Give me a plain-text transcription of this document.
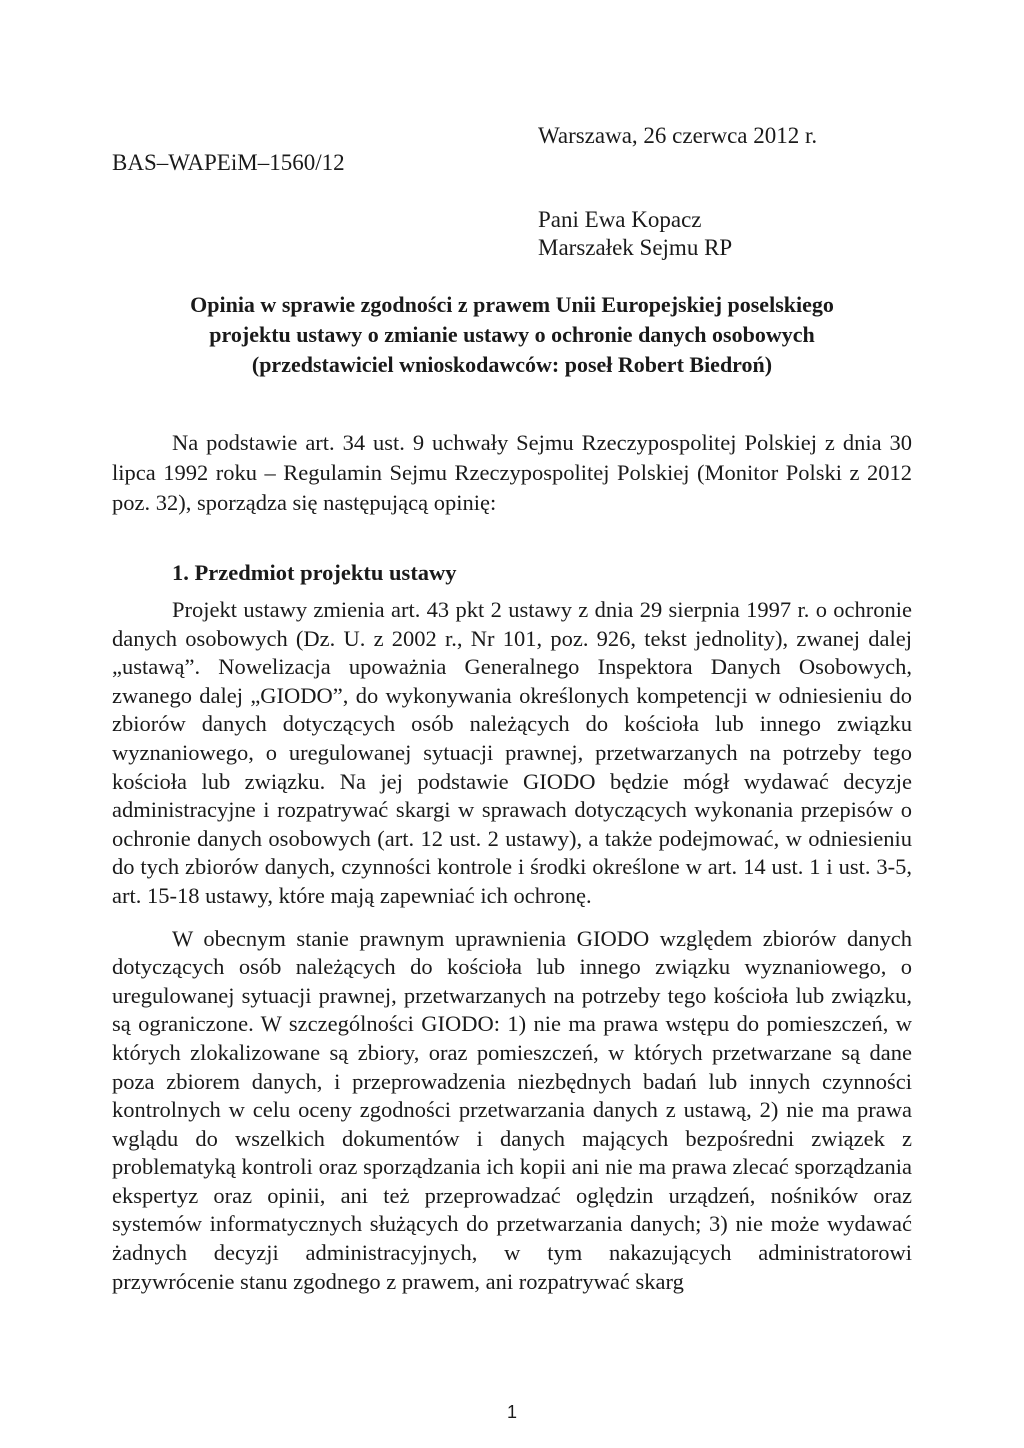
Warszawa, 26 czerwca 2012 r.
BAS–WAPEiM–1560/12
Pani Ewa Kopacz
Marszałek Sejmu RP
Opinia w sprawie zgodności z prawem Unii Europejskiej poselskiego
projektu ustawy o zmianie ustawy o ochronie danych osobowych
(przedstawiciel wnioskodawców: poseł Robert Biedroń)

Na podstawie art. 34 ust. 9 uchwały Sejmu Rzeczypospolitej Polskiej z dnia 30 lipca 1992 roku – Regulamin Sejmu Rzeczypospolitej Polskiej (Monitor Polski z 2012 poz. 32), sporządza się następującą opinię:

1. Przedmiot projektu ustawy

Projekt ustawy zmienia art. 43 pkt 2 ustawy z dnia 29 sierpnia 1997 r. o ochronie danych osobowych (Dz. U. z 2002 r., Nr 101, poz. 926, tekst jednolity), zwanej dalej „ustawą”. Nowelizacja upoważnia Generalnego Inspektora Danych Osobowych, zwanego dalej „GIODO”, do wykonywania określonych kompetencji w odniesieniu do zbiorów danych dotyczących osób należących do kościoła lub innego związku wyznaniowego, o uregulowanej sytuacji prawnej, przetwarzanych na potrzeby tego kościoła lub związku. Na jej podstawie GIODO będzie mógł wydawać decyzje administracyjne i rozpatrywać skargi w sprawach dotyczących wykonania przepisów o ochronie danych osobowych (art. 12 ust. 2 ustawy), a także podejmować, w odniesieniu do tych zbiorów danych, czynności kontrole i środki określone w art. 14 ust. 1 i ust. 3-5, art. 15-18 ustawy, które mają zapewniać ich ochronę.

W obecnym stanie prawnym uprawnienia GIODO względem zbiorów danych dotyczących osób należących do kościoła lub innego związku wyznaniowego, o uregulowanej sytuacji prawnej, przetwarzanych na potrzeby tego kościoła lub związku, są ograniczone. W szczególności GIODO: 1) nie ma prawa wstępu do pomieszczeń, w których zlokalizowane są zbiory, oraz pomieszczeń, w których przetwarzane są dane poza zbiorem danych, i przeprowadzenia niezbędnych badań lub innych czynności kontrolnych w celu oceny zgodności przetwarzania danych z ustawą, 2) nie ma prawa wglądu do wszelkich dokumentów i danych mających bezpośredni związek z problematyką kontroli oraz sporządzania ich kopii ani nie ma prawa zlecać sporządzania ekspertyz oraz opinii, ani też przeprowadzać oględzin urządzeń, nośników oraz systemów informatycznych służących do przetwarzania danych; 3) nie może wydawać żadnych decyzji administracyjnych, w tym nakazujących administratorowi przywrócenie stanu zgodnego z prawem, ani rozpatrywać skarg

1
